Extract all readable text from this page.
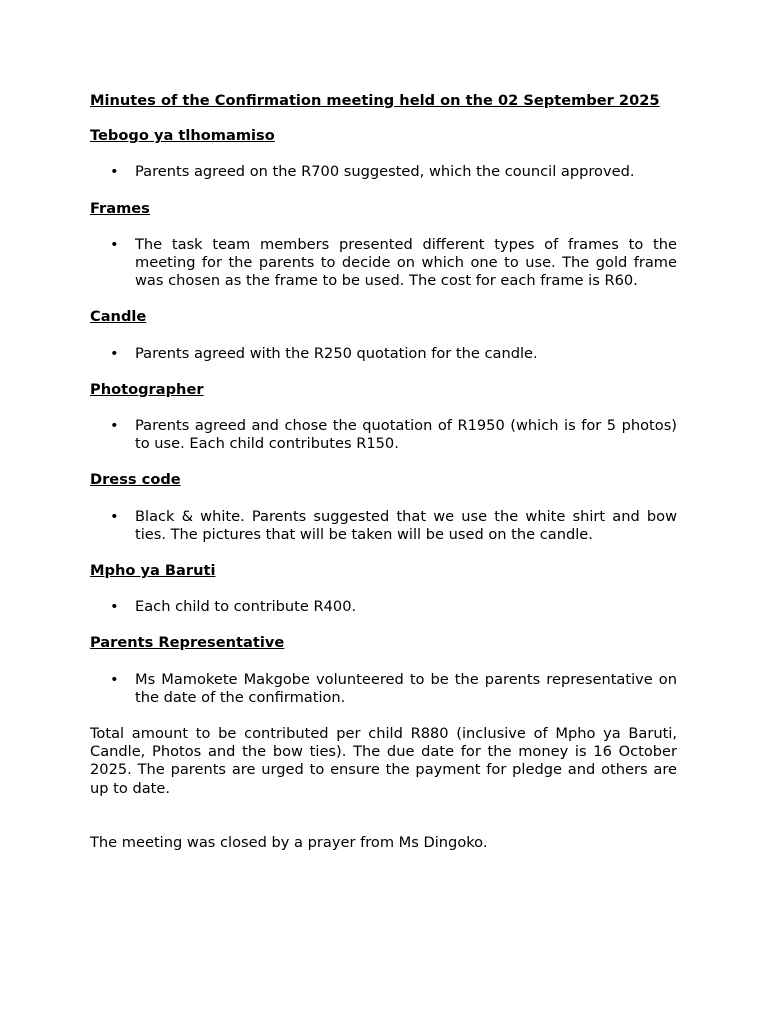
Minutes of the Confirmation meeting held on the 02 September 2025
Tebogo ya tlhomamiso
• Parents agreed on the R700 suggested, which the council approved.
Frames
• The task team members presented different types of frames to the meeting for the parents to decide on which one to use. The gold frame was chosen as the frame to be used. The cost for each frame is R60.
Candle
• Parents agreed with the R250 quotation for the candle.
Photographer
• Parents agreed and chose the quotation of R1950 (which is for 5 photos) to use. Each child contributes R150.
Dress code
• Black & white. Parents suggested that we use the white shirt and bow ties. The pictures that will be taken will be used on the candle.
Mpho ya Baruti
• Each child to contribute R400.
Parents Representative
• Ms Mamokete Makgobe volunteered to be the parents representative on the date of the confirmation.

Total amount to be contributed per child R880 (inclusive of Mpho ya Baruti, Candle, Photos and the bow ties). The due date for the money is 16 October 2025. The parents are urged to ensure the payment for pledge and others are up to date.

The meeting was closed by a prayer from Ms Dingoko.
